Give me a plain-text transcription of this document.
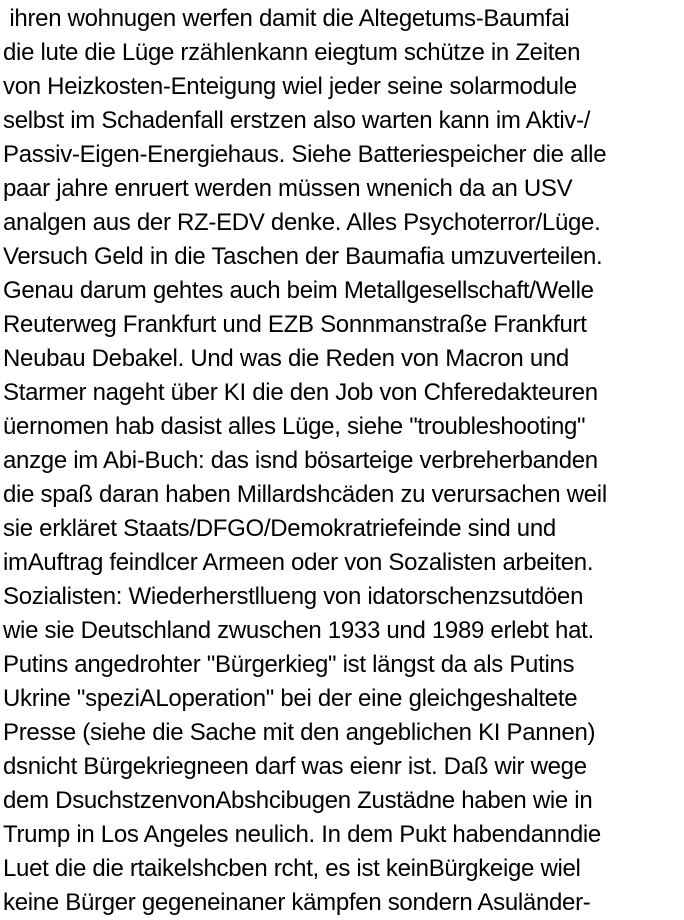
ihren wohnugen werfen damit die Altegetums-Baumfai
die lute die Lüge rzählenkann eiegtum schütze in Zeiten
von Heizkosten-Enteigung wiel jeder seine solarmodule
selbst im Schadenfall erstzen also warten kann im Aktiv-/
Passiv-Eigen-Energiehaus. Siehe Batteriespeicher die alle
paar jahre enruert werden müssen wnenich da an USV
analgen aus der RZ-EDV denke. Alles Psychoterror/Lüge.
Versuch Geld in die Taschen der Baumafia umzuverteilen.
Genau darum gehtes auch beim Metallgesellschaft/Welle
Reuterweg Frankfurt und EZB Sonnmanstraße Frankfurt
Neubau Debakel. Und was die Reden von Macron und
Starmer nageht über KI die den Job von Chferedakteuren
üernomen hab dasist alles Lüge, siehe "troubleshooting"
anzge im Abi-Buch: das isnd bösarteige verbreherbanden
die spaß daran haben Millardshcäden zu verursachen weil
sie erkläret Staats/DFGO/Demokratriefeinde sind und
imAuftrag feindlcer Armeen oder von Sozalisten arbeiten.
Sozialisten: Wiederherstllueng von idatorschenzsutdöen
wie sie Deutschland zwuschen 1933 und 1989 erlebt hat.
Putins angedrohter "Bürgerkieg" ist längst da als Putins
Ukrine "speziALoperation" bei der eine gleichgeshaltete
Presse (siehe die Sache mit den angeblichen KI Pannen)
dsnicht Bürgekriegneen darf was eienr ist. Daß wir wege
dem DsuchstzenvonAbshcibugen Zustädne haben wie in
Trump in Los Angeles neulich. In dem Pukt habendanndie
Luet die die rtaikelshcben rcht, es ist keinBürgkeige wiel
keine Bürger gegeneinaner kämpfen sondern Asuländer-
